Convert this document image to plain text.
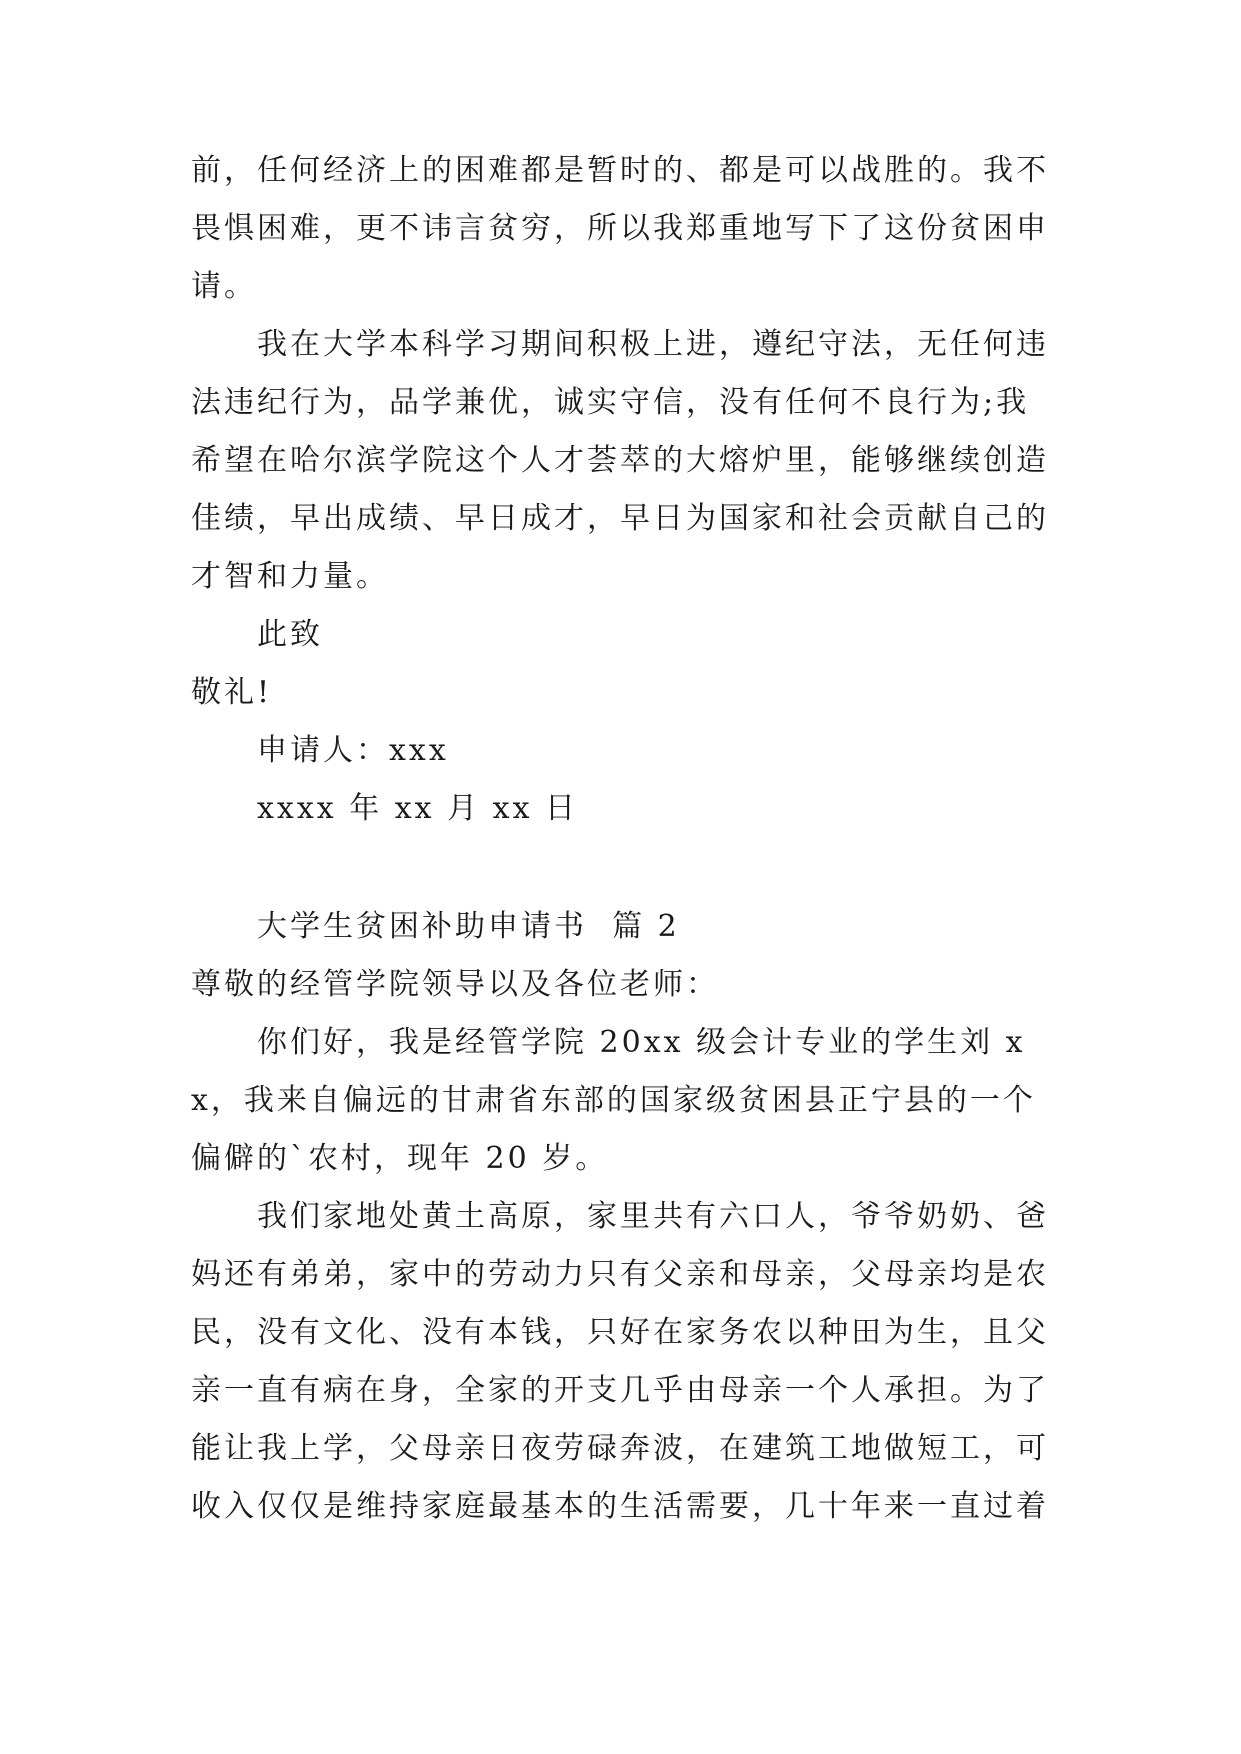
前，任何经济上的困难都是暂时的、都是可以战胜的。我不畏惧困难，更不讳言贫穷，所以我郑重地写下了这份贫困申请。

我在大学本科学习期间积极上进，遵纪守法，无任何违法违纪行为，品学兼优，诚实守信，没有任何不良行为;我希望在哈尔滨学院这个人才荟萃的大熔炉里，能够继续创造佳绩，早出成绩、早日成才，早日为国家和社会贡献自己的才智和力量。

此致

敬礼!

申请人：xxx

xxxx 年 xx 月 xx 日

大学生贫困补助申请书  篇 2

尊敬的经管学院领导以及各位老师：

你们好，我是经管学院 20xx 级会计专业的学生刘 xx，我来自偏远的甘肃省东部的国家级贫困县正宁县的一个偏僻的`农村，现年 20 岁。

我们家地处黄土高原，家里共有六口人，爷爷奶奶、爸妈还有弟弟，家中的劳动力只有父亲和母亲，父母亲均是农民，没有文化、没有本钱，只好在家务农以种田为生，且父亲一直有病在身，全家的开支几乎由母亲一个人承担。为了能让我上学，父母亲日夜劳碌奔波，在建筑工地做短工，可收入仅仅是维持家庭最基本的生活需要，几十年来一直过着
